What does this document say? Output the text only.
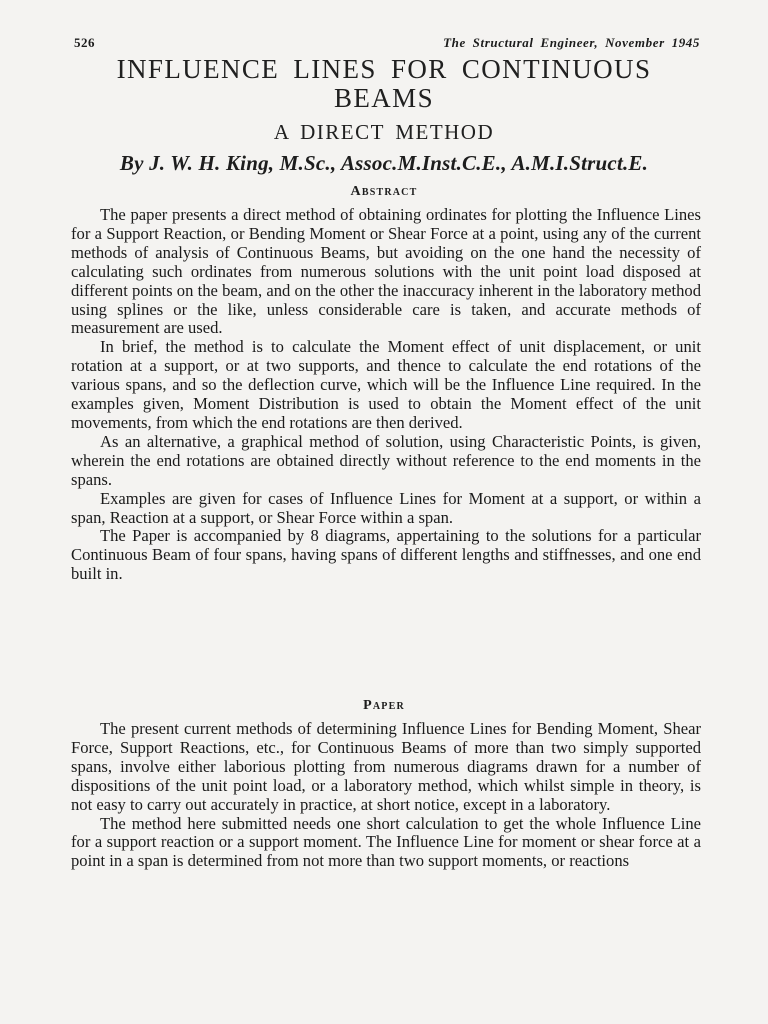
526	The Structural Engineer, November 1945
INFLUENCE LINES FOR CONTINUOUS BEAMS
A DIRECT METHOD
By J. W. H. King, M.Sc., Assoc.M.Inst.C.E., A.M.I.Struct.E.
Abstract

The paper presents a direct method of obtaining ordinates for plotting the Influence Lines for a Support Reaction, or Bending Moment or Shear Force at a point, using any of the current methods of analysis of Continuous Beams, but avoiding on the one hand the necessity of calculating such ordinates from numerous solutions with the unit point load disposed at different points on the beam, and on the other the inaccuracy inherent in the laboratory method using splines or the like, unless considerable care is taken, and accurate methods of measurement are used.

In brief, the method is to calculate the Moment effect of unit displacement, or unit rotation at a support, or at two supports, and thence to calculate the end rotations of the various spans, and so the deflection curve, which will be the Influence Line required. In the examples given, Moment Distribution is used to obtain the Moment effect of the unit movements, from which the end rotations are then derived.

As an alternative, a graphical method of solution, using Characteristic Points, is given, wherein the end rotations are obtained directly without reference to the end moments in the spans.

Examples are given for cases of Influence Lines for Moment at a support, or within a span, Reaction at a support, or Shear Force within a span.

The Paper is accompanied by 8 diagrams, appertaining to the solutions for a particular Continuous Beam of four spans, having spans of different lengths and stiffnesses, and one end built in.

Paper

The present current methods of determining Influence Lines for Bending Moment, Shear Force, Support Reactions, etc., for Continuous Beams of more than two simply supported spans, involve either laborious plotting from numerous diagrams drawn for a number of dispositions of the unit point load, or a laboratory method, which whilst simple in theory, is not easy to carry out accurately in practice, at short notice, except in a laboratory.

The method here submitted needs one short calculation to get the whole Influence Line for a support reaction or a support moment. The Influence Line for moment or shear force at a point in a span is determined from not more than two support moments, or reactions
